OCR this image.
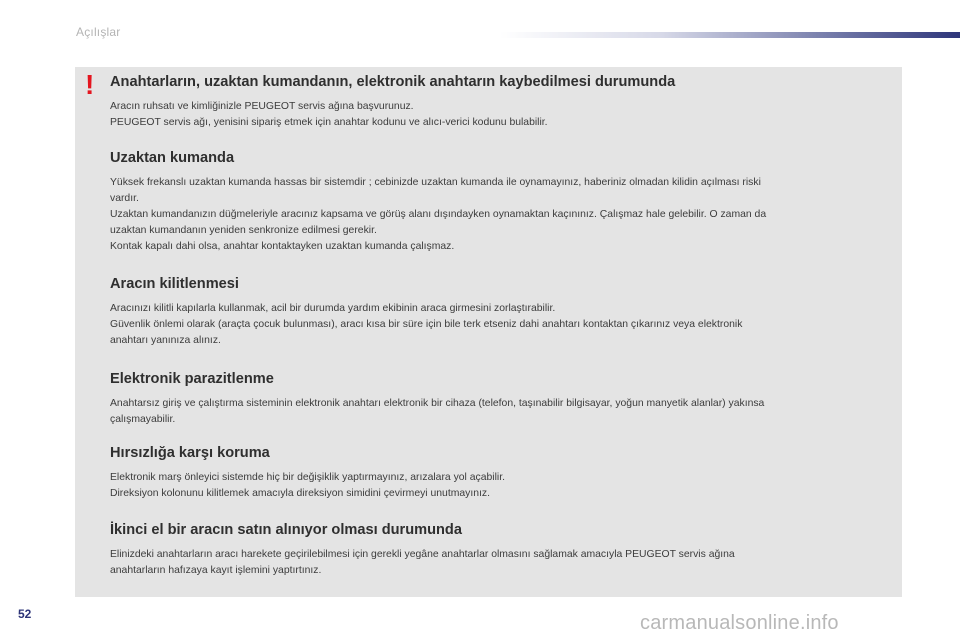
Açılışlar
! Anahtarların, uzaktan kumandanın, elektronik anahtarın kaybedilmesi durumunda

Aracın ruhsatı ve kimliğinizle PEUGEOT servis ağına başvurunuz.

PEUGEOT servis ağı, yenisini sipariş etmek için anahtar kodunu ve alıcı-verici kodunu bulabilir.

Uzaktan kumanda

Yüksek frekanslı uzaktan kumanda hassas bir sistemdir ; cebinizde uzaktan kumanda ile oynamayınız, haberiniz olmadan kilidin açılması riski

vardır.

Uzaktan kumandanızın düğmeleriyle aracınız kapsama ve görüş alanı dışındayken oynamaktan kaçınınız. Çalışmaz hale gelebilir. O zaman da

uzaktan kumandanın yeniden senkronize edilmesi gerekir.

Kontak kapalı dahi olsa, anahtar kontaktayken uzaktan kumanda çalışmaz.

Aracın kilitlenmesi

Aracınızı kilitli kapılarla kullanmak, acil bir durumda yardım ekibinin araca girmesini zorlaştırabilir.

Güvenlik önlemi olarak (araçta çocuk bulunması), aracı kısa bir süre için bile terk etseniz dahi anahtarı kontaktan çıkarınız veya elektronik

anahtarı yanınıza alınız.

Elektronik parazitlenme

Anahtarsız giriş ve çalıştırma sisteminin elektronik anahtarı elektronik bir cihaza (telefon, taşınabilir bilgisayar, yoğun manyetik alanlar) yakınsa

çalışmayabilir.

Hırsızlığa karşı koruma

Elektronik marş önleyici sistemde hiç bir değişiklik yaptırmayınız, arızalara yol açabilir.

Direksiyon kolonunu kilitlemek amacıyla direksiyon simidini çevirmeyi unutmayınız.

İkinci el bir aracın satın alınıyor olması durumunda

Elinizdeki anahtarların aracı harekete geçirilebilmesi için gerekli yegâne anahtarlar olmasını sağlamak amacıyla PEUGEOT servis ağına

anahtarların hafızaya kayıt işlemini yaptırtınız.

52	carmanualsonline.info
